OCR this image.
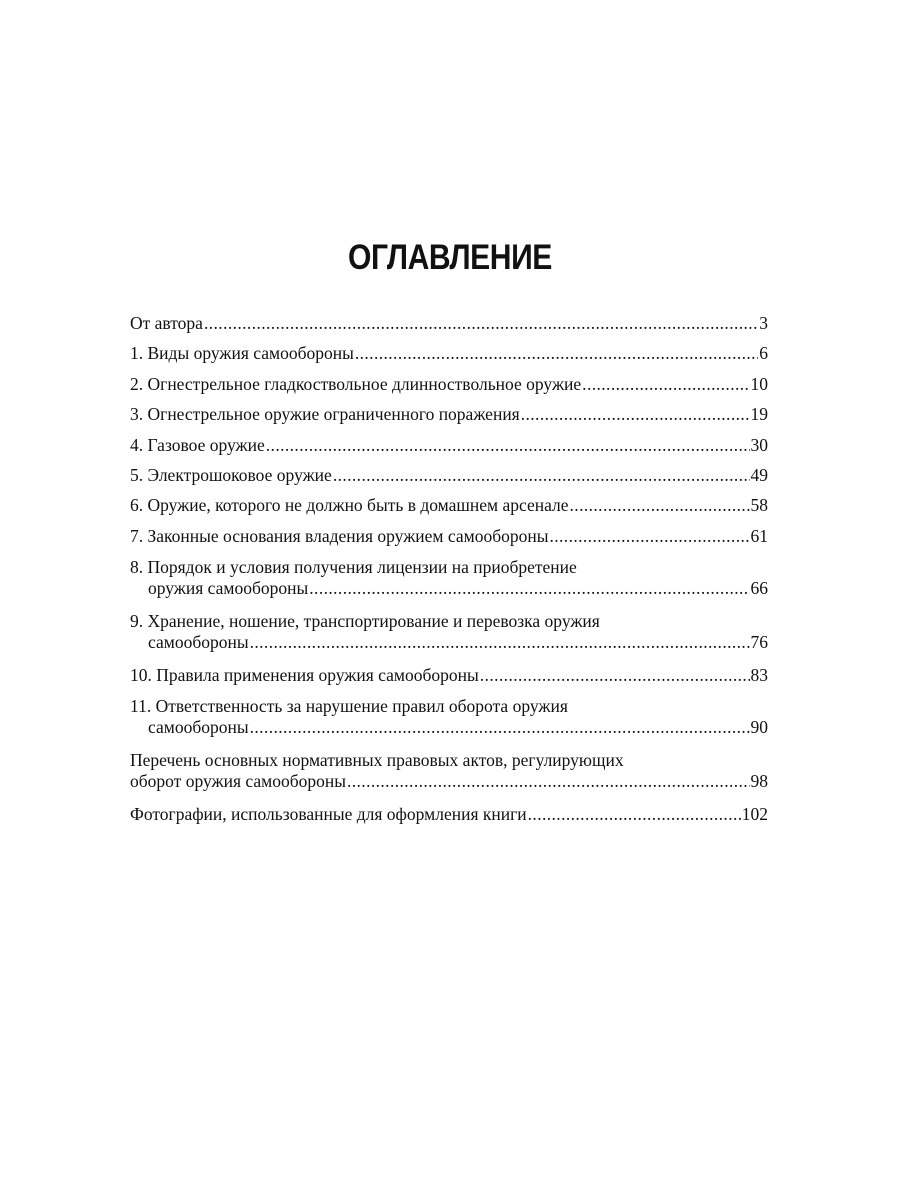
ОГЛАВЛЕНИЕ
От автора .....	3
1. Виды оружия самообороны .....	6
2. Огнестрельное гладкоствольное длинноствольное оружие .....	10
3. Огнестрельное оружие ограниченного поражения .....	19
4. Газовое оружие .....	30
5. Электрошоковое оружие .....	49
6. Оружие, которого не должно быть в домашнем арсенале .....	58
7. Законные основания владения оружием самообороны .....	61
8. Порядок и условия получения лицензии на приобретение
оружия самообороны .....	66
9. Хранение, ношение, транспортирование и перевозка оружия
самообороны .....	76
10. Правила применения оружия самообороны .....	83
11. Ответственность за нарушение правил оборота оружия
самообороны .....	90
Перечень основных нормативных правовых актов, регулирующих
оборот оружия самообороны .....	98
Фотографии, использованные для оформления книги .....	102
